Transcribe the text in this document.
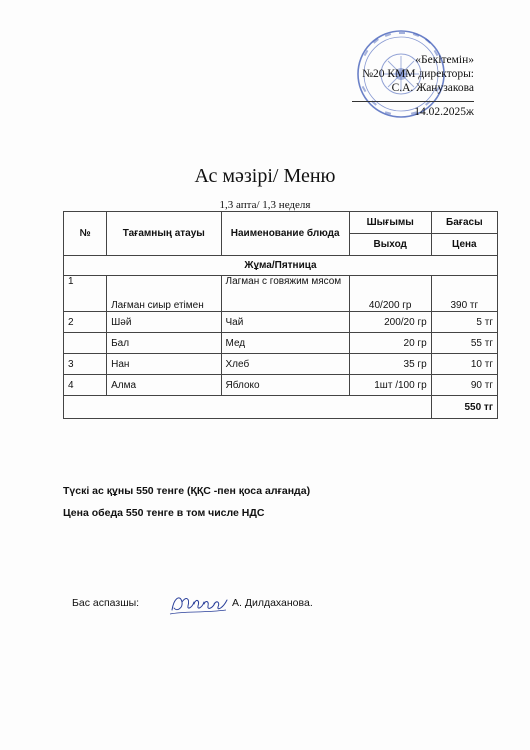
«Бекітемін»
№20 КММ директоры:
С.А. Жанузакова
14.02.2025ж
Ас мәзірі/ Меню
1,3 апта/ 1,3 неделя
№	Тағамның атауы	Наименование блюда	Шығымы	Бағасы
			Выход	Цена
Жұма/Пятница				
1	Лағман сиыр етімен	Лагман с говяжим мясом	40/200 гр	390 тг
2	Шәй	Чай	200/20 гр	5 тг
	Бал	Мед	20 гр	55 тг
3	Нан	Хлеб	35 гр	10 тг
4	Алма	Яблоко	1шт /100 гр	90 тг
				550 тг
Түскі ас құны 550 тенге (ҚҚС -пен қоса алғанда)
Цена обеда 550 тенге в том числе НДС
Бас аспазшы:	А. Дилдаханова.
